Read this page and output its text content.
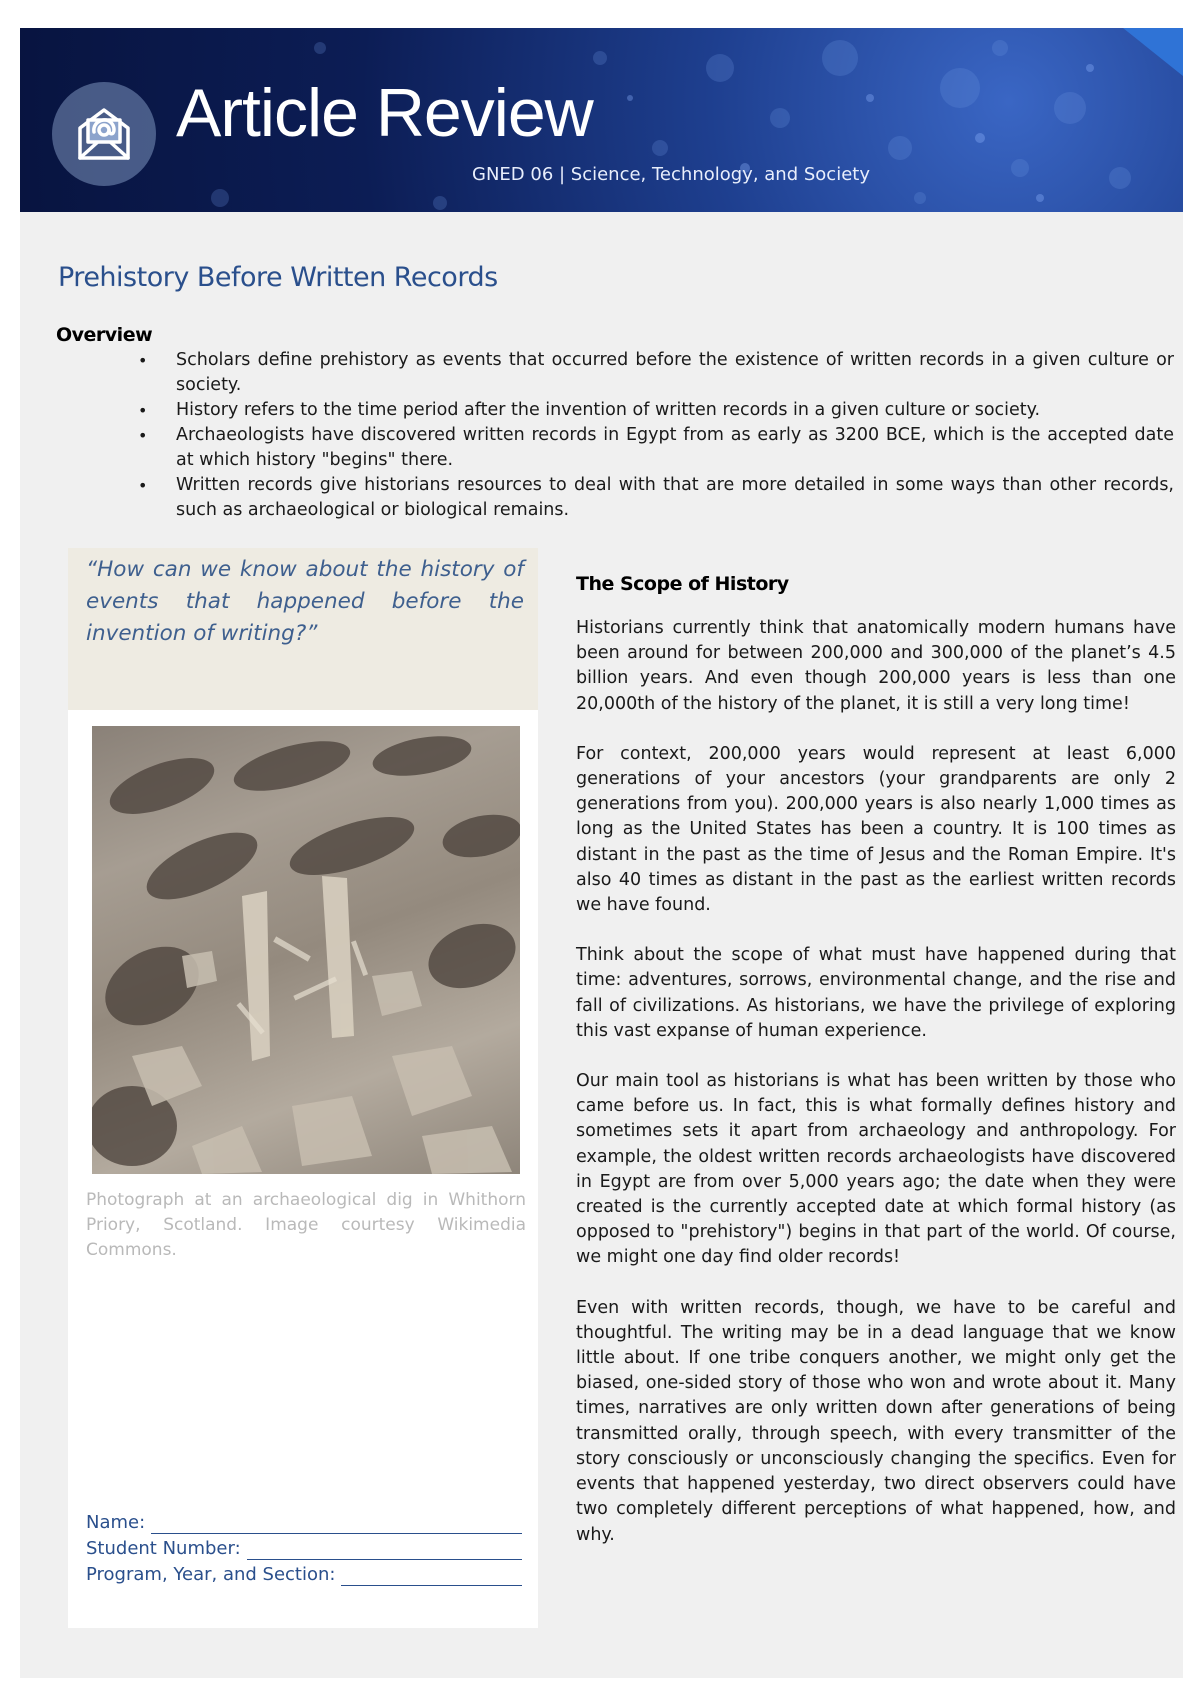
Article Review
GNED 06 | Science, Technology, and Society
Prehistory Before Written Records
Overview
• Scholars define prehistory as events that occurred before the existence of written records in a given culture or society.
• History refers to the time period after the invention of written records in a given culture or society.
• Archaeologists have discovered written records in Egypt from as early as 3200 BCE, which is the accepted date at which history "begins" there.
• Written records give historians resources to deal with that are more detailed in some ways than other records, such as archaeological or biological remains.
“How can we know about the history of events that happened before the invention of writing?”
Photograph at an archaeological dig in Whithorn Priory, Scotland. Image courtesy Wikimedia Commons.
Name:
Student Number:
Program, Year, and Section:
The Scope of History

Historians currently think that anatomically modern humans have been around for between 200,000 and 300,000 of the planet’s 4.5 billion years. And even though 200,000 years is less than one 20,000th of the history of the planet, it is still a very long time!

For context, 200,000 years would represent at least 6,000 generations of your ancestors (your grandparents are only 2 generations from you). 200,000 years is also nearly 1,000 times as long as the United States has been a country. It is 100 times as distant in the past as the time of Jesus and the Roman Empire. It's also 40 times as distant in the past as the earliest written records we have found.

Think about the scope of what must have happened during that time: adventures, sorrows, environmental change, and the rise and fall of civilizations. As historians, we have the privilege of exploring this vast expanse of human experience.

Our main tool as historians is what has been written by those who came before us. In fact, this is what formally defines history and sometimes sets it apart from archaeology and anthropology. For example, the oldest written records archaeologists have discovered in Egypt are from over 5,000 years ago; the date when they were created is the currently accepted date at which formal history (as opposed to "prehistory") begins in that part of the world. Of course, we might one day find older records!

Even with written records, though, we have to be careful and thoughtful. The writing may be in a dead language that we know little about. If one tribe conquers another, we might only get the biased, one-sided story of those who won and wrote about it. Many times, narratives are only written down after generations of being transmitted orally, through speech, with every transmitter of the story consciously or unconsciously changing the specifics. Even for events that happened yesterday, two direct observers could have two completely different perceptions of what happened, how, and why.
